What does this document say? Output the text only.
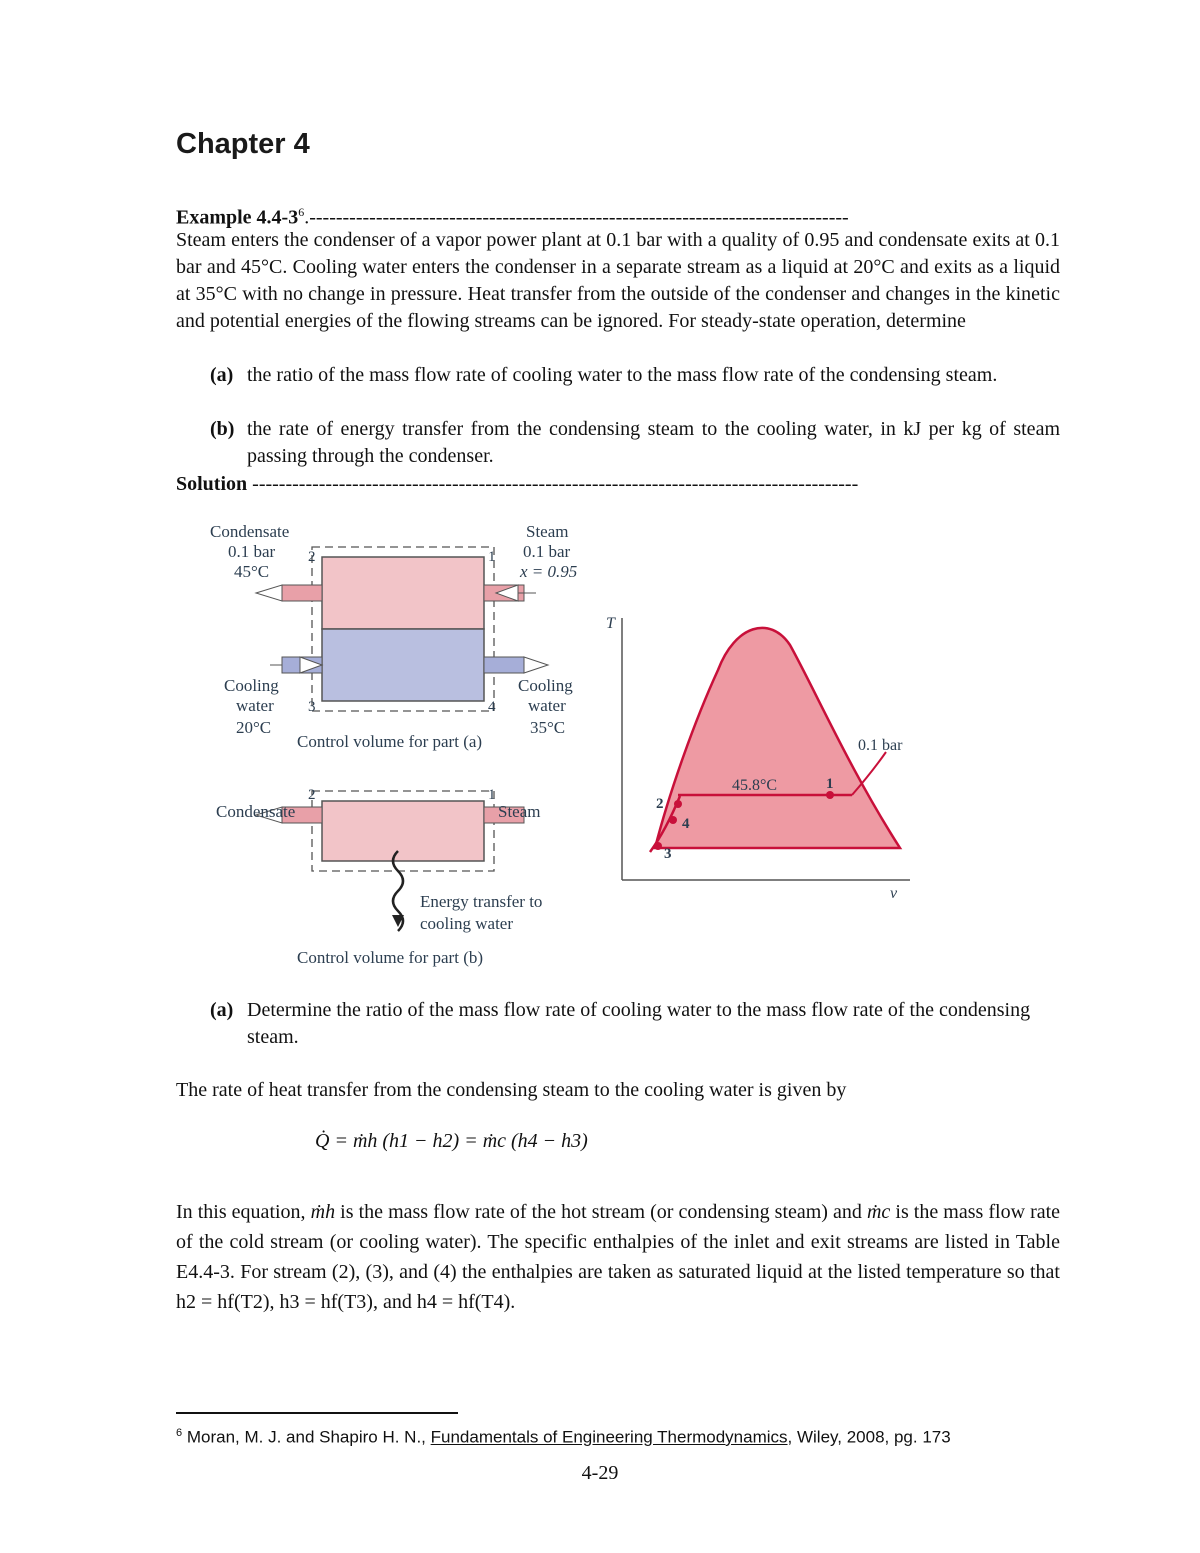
Chapter 4
Example $4.4-3^6.---------------------------------------------------------------------------------$
Steam enters the condenser of a vapor power plant at 0.1 bar with a quality of 0.95 and condensate exits at 0.1 bar and 45°C. Cooling water enters the condenser in a separate stream as a liquid at 20°C and exits as a liquid at 35°C with no change in pressure. Heat transfer from the outside of the condenser and changes in the kinetic and potential energies of the flowing streams can be ignored. For steady-state operation, determine
(a) the ratio of the mass flow rate of cooling water to the mass flow rate of the condensing steam.
(b) the rate of energy transfer from the condensing steam to the cooling water, in kJ per kg of steam passing through the condenser.
Solution -------------------------------------------------------------------------------------------
Condensate
0.1 bar
45°C
2	1
Steam
0.1 bar
x = 0.95
Cooling
water
20°C
3	4
Cooling
water
35°C
Control volume for part (a)
2	1
Condensate	Steam
Energy transfer to
cooling water
Control volume for part (b)
T
v
45.8°C
0.1 bar
1
2
3
4
(a) Determine the ratio of the mass flow rate of cooling water to the mass flow rate of the condensing steam.
The rate of heat transfer from the condensing steam to the cooling water is given by
Q̇ = ṁh (h1 − h2) = ṁc (h4 − h3)
In this equation, ṁh is the mass flow rate of the hot stream (or condensing steam) and ṁc is the mass flow rate of the cold stream (or cooling water). The specific enthalpies of the inlet and exit streams are listed in Table E4.4-3. For stream (2), (3), and (4) the enthalpies are taken as saturated liquid at the listed temperature so that h2 = hf(T2), h3 = hf(T3), and h4 = hf(T4).
$^6$ Moran, M. J. and Shapiro H. N., Fundamentals of Engineering Thermodynamics, Wiley, 2008, pg. 173
4-29
